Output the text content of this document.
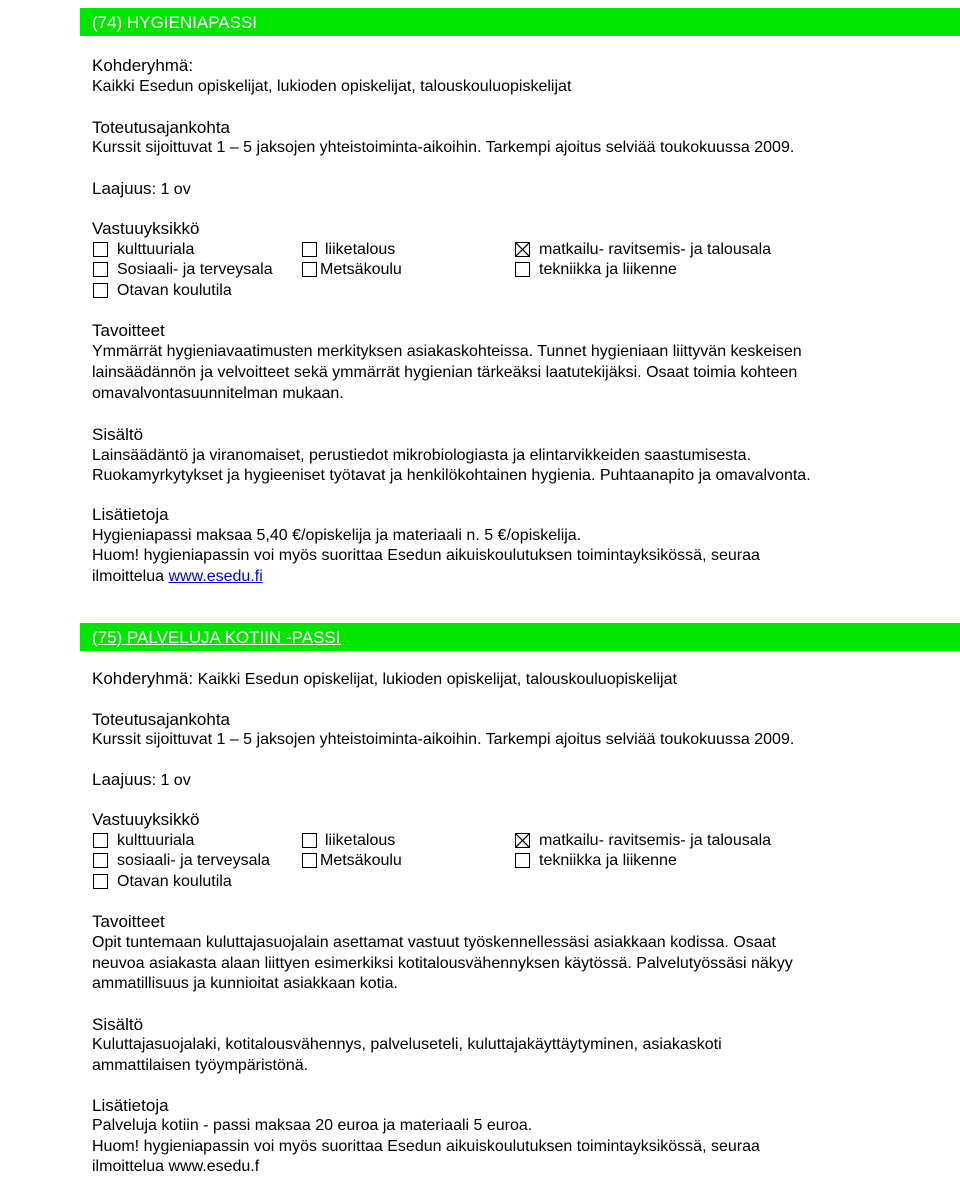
(74) HYGIENIAPASSI
Kohderyhmä:
Kaikki Esedun opiskelijat, lukioden opiskelijat, talouskouluopiskelijat
Toteutusajankohta
Kurssit sijoittuvat 1 – 5 jaksojen yhteistoiminta-aikoihin. Tarkempi ajoitus selviää toukokuussa 2009.
Laajuus: 1 ov
Vastuuyksikkö
kulttuuriala	liiketalous	matkailu- ravitsemis- ja talousala
Sosiaali- ja terveysala	Metsäkoulu	tekniikka ja liikenne
Otavan koulutila
Tavoitteet
Ymmärrät hygieniavaatimusten merkityksen asiakaskohteissa. Tunnet hygieniaan liittyvän keskeisen
lainsäädännön ja velvoitteet sekä ymmärrät hygienian tärkeäksi laatutekijäksi. Osaat toimia kohteen
omavalvontasuunnitelman mukaan.
Sisältö
Lainsäädäntö ja viranomaiset, perustiedot mikrobiologiasta ja elintarvikkeiden saastumisesta.
Ruokamyrkytykset ja hygieeniset työtavat ja henkilökohtainen hygienia. Puhtaanapito ja omavalvonta.
Lisätietoja
Hygieniapassi maksaa 5,40 €/opiskelija ja materiaali n. 5 €/opiskelija.
Huom! hygieniapassin voi myös suorittaa Esedun aikuiskoulutuksen toimintayksikössä, seuraa
ilmoittelua www.esedu.fi
(75) PALVELUJA KOTIIN -PASSI
Kohderyhmä: Kaikki Esedun opiskelijat, lukioden opiskelijat, talouskouluopiskelijat
Toteutusajankohta
Kurssit sijoittuvat 1 – 5 jaksojen yhteistoiminta-aikoihin. Tarkempi ajoitus selviää toukokuussa 2009.
Laajuus: 1 ov
Vastuuyksikkö
kulttuuriala	liiketalous	matkailu- ravitsemis- ja talousala
sosiaali- ja terveysala	Metsäkoulu	tekniikka ja liikenne
Otavan koulutila
Tavoitteet
Opit tuntemaan kuluttajasuojalain asettamat vastuut työskennellessäsi asiakkaan kodissa. Osaat
neuvoa asiakasta alaan liittyen esimerkiksi kotitalousvähennyksen käytössä. Palvelutyössäsi näkyy
ammatillisuus ja kunnioitat asiakkaan kotia.
Sisältö
Kuluttajasuojalaki, kotitalousvähennys, palveluseteli, kuluttajakäyttäytyminen, asiakaskoti
ammattilaisen työympäristönä.
Lisätietoja
Palveluja kotiin - passi maksaa 20 euroa ja materiaali 5 euroa.
Huom! hygieniapassin voi myös suorittaa Esedun aikuiskoulutuksen toimintayksikössä, seuraa
ilmoittelua www.esedu.f
